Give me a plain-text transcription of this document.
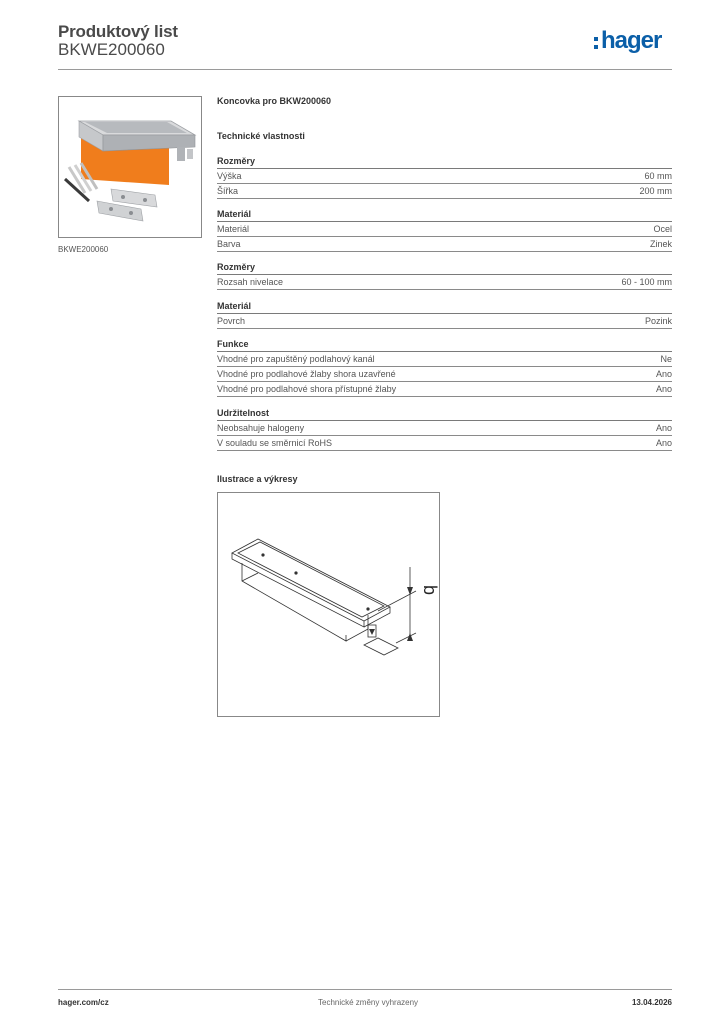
Produktový list
BKWE200060	hager
BKWE200060
Koncovka pro BKW200060
Technické vlastnosti
Rozměry
Výška	60 mm
Šířka	200 mm
Materiál
Materiál	Ocel
Barva	Zinek
Rozměry
Rozsah nivelace	60 - 100 mm
Materiál
Povrch	Pozink
Funkce
Vhodné pro zapuštěný podlahový kanál	Ne
Vhodné pro podlahové žlaby shora uzavřené	Ano
Vhodné pro podlahové shora přístupné žlaby	Ano
Udržitelnost
Neobsahuje halogeny	Ano
V souladu se směrnicí RoHS	Ano
Ilustrace a výkresy
b
hager.com/cz	Technické změny vyhrazeny	13.04.2026
